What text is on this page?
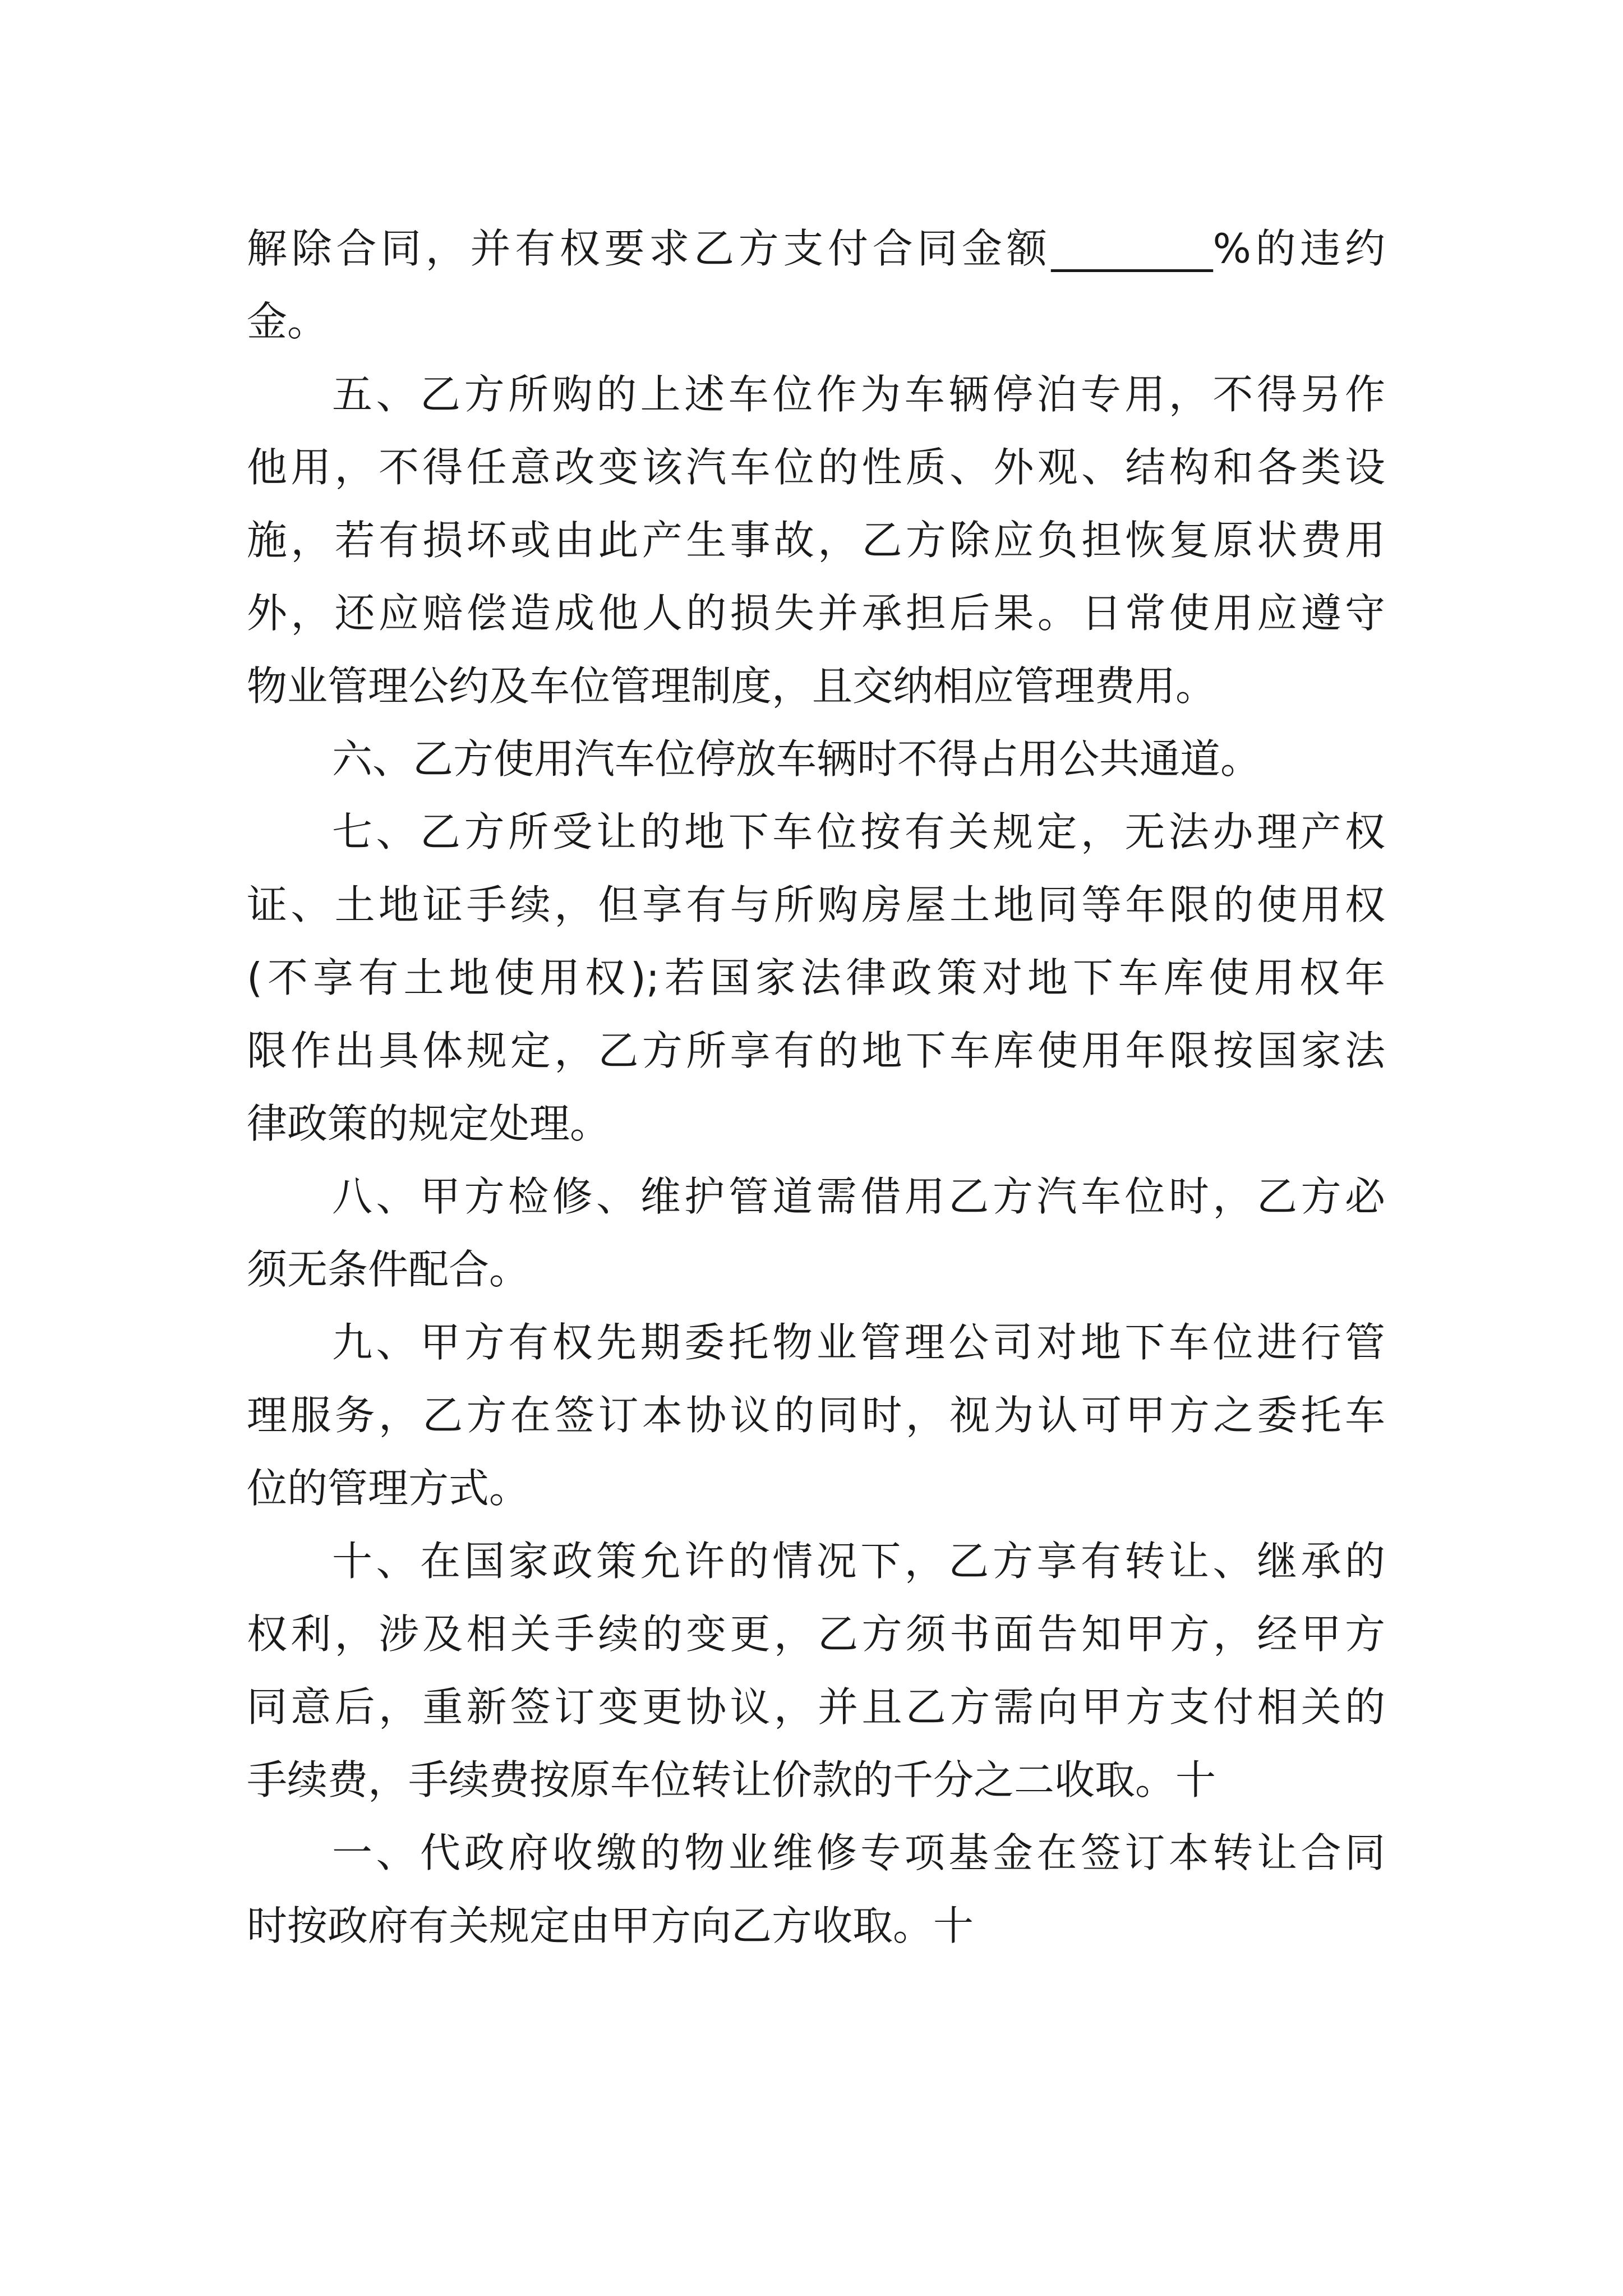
解除合同，并有权要求乙方支付合同金额________%的违约
金。
五、乙方所购的上述车位作为车辆停泊专用，不得另作
他用，不得任意改变该汽车位的性质、外观、结构和各类设
施，若有损坏或由此产生事故，乙方除应负担恢复原状费用
外，还应赔偿造成他人的损失并承担后果。日常使用应遵守
物业管理公约及车位管理制度，且交纳相应管理费用。
六、乙方使用汽车位停放车辆时不得占用公共通道。
七、乙方所受让的地下车位按有关规定，无法办理产权
证、土地证手续，但享有与所购房屋土地同等年限的使用权
(不享有土地使用权);若国家法律政策对地下车库使用权年
限作出具体规定，乙方所享有的地下车库使用年限按国家法
律政策的规定处理。
八、甲方检修、维护管道需借用乙方汽车位时，乙方必
须无条件配合。
九、甲方有权先期委托物业管理公司对地下车位进行管
理服务，乙方在签订本协议的同时，视为认可甲方之委托车
位的管理方式。
十、在国家政策允许的情况下，乙方享有转让、继承的
权利，涉及相关手续的变更，乙方须书面告知甲方，经甲方
同意后，重新签订变更协议，并且乙方需向甲方支付相关的
手续费，手续费按原车位转让价款的千分之二收取。十
一、代政府收缴的物业维修专项基金在签订本转让合同
时按政府有关规定由甲方向乙方收取。十
